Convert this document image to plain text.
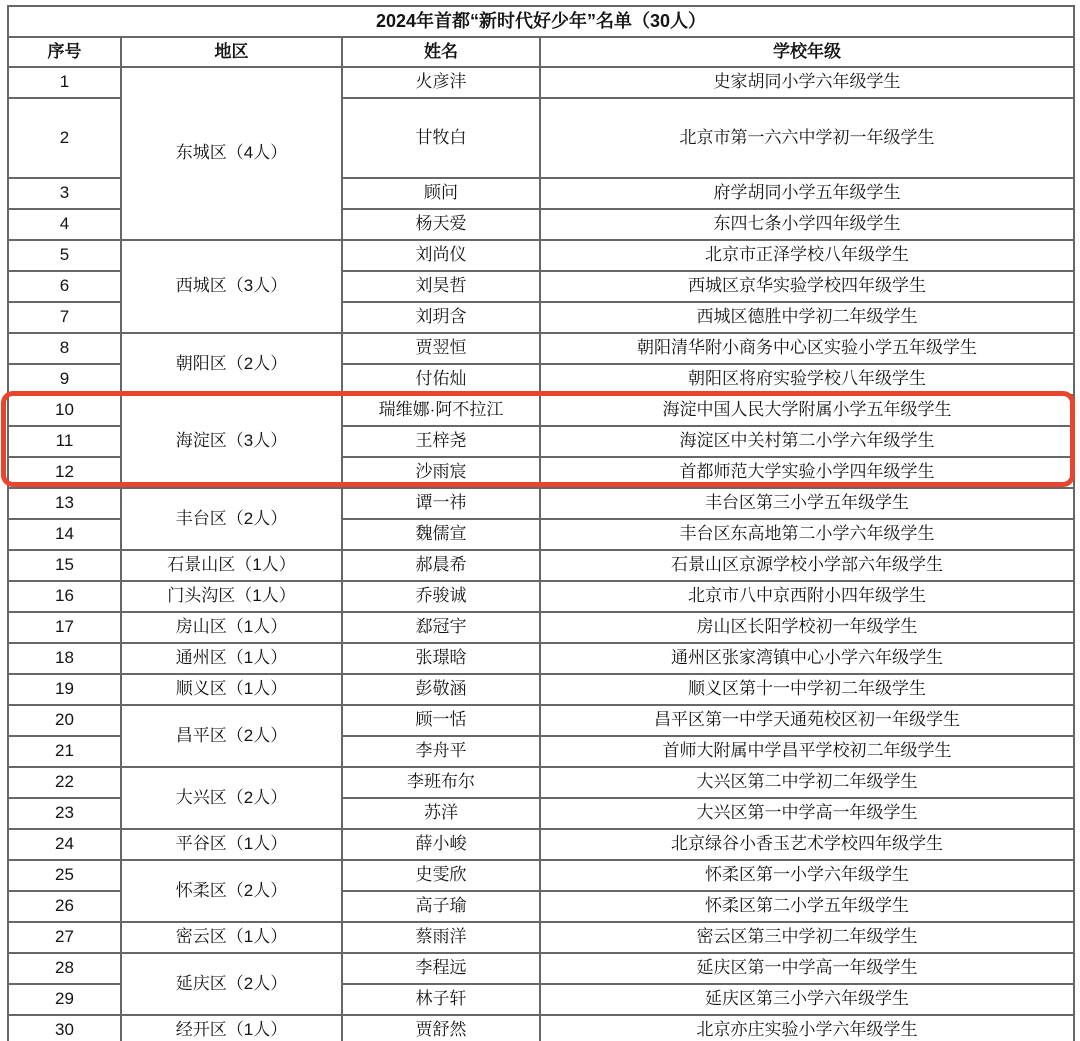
2024年首都“新时代好少年”名单（30人）			
序号	地区	姓名	学校年级
1	东城区（4人）	火彦沣	史家胡同小学六年级学生
2		甘牧白	北京市第一六六中学初一年级学生
3		顾问	府学胡同小学五年级学生
4		杨天爱	东四七条小学四年级学生
5	西城区（3人）	刘尚仪	北京市正泽学校八年级学生
6		刘昊哲	西城区京华实验学校四年级学生
7		刘玥含	西城区德胜中学初二年级学生
8	朝阳区（2人）	贾翌恒	朝阳清华附小商务中心区实验小学五年级学生
9		付佑灿	朝阳区将府实验学校八年级学生
10	海淀区（3人）	瑞维娜·阿不拉江	海淀中国人民大学附属小学五年级学生
11		王梓尧	海淀区中关村第二小学六年级学生
12		沙雨宸	首都师范大学实验小学四年级学生
13	丰台区（2人）	谭一祎	丰台区第三小学五年级学生
14		魏儒宣	丰台区东高地第二小学六年级学生
15	石景山区（1人）	郝晨希	石景山区京源学校小学部六年级学生
16	门头沟区（1人）	乔骏诚	北京市八中京西附小四年级学生
17	房山区（1人）	郄冠宇	房山区长阳学校初一年级学生
18	通州区（1人）	张璟晗	通州区张家湾镇中心小学六年级学生
19	顺义区（1人）	彭敬涵	顺义区第十一中学初二年级学生
20	昌平区（2人）	顾一恬	昌平区第一中学天通苑校区初一年级学生
21		李舟平	首师大附属中学昌平学校初二年级学生
22	大兴区（2人）	李班布尔	大兴区第二中学初二年级学生
23		苏洋	大兴区第一中学高一年级学生
24	平谷区（1人）	薛小峻	北京绿谷小香玉艺术学校四年级学生
25	怀柔区（2人）	史雯欣	怀柔区第一小学六年级学生
26		高子瑜	怀柔区第二小学五年级学生
27	密云区（1人）	蔡雨洋	密云区第三中学初二年级学生
28	延庆区（2人）	李程远	延庆区第一中学高一年级学生
29		林子轩	延庆区第三小学六年级学生
30	经开区（1人）	贾舒然	北京亦庄实验小学六年级学生
